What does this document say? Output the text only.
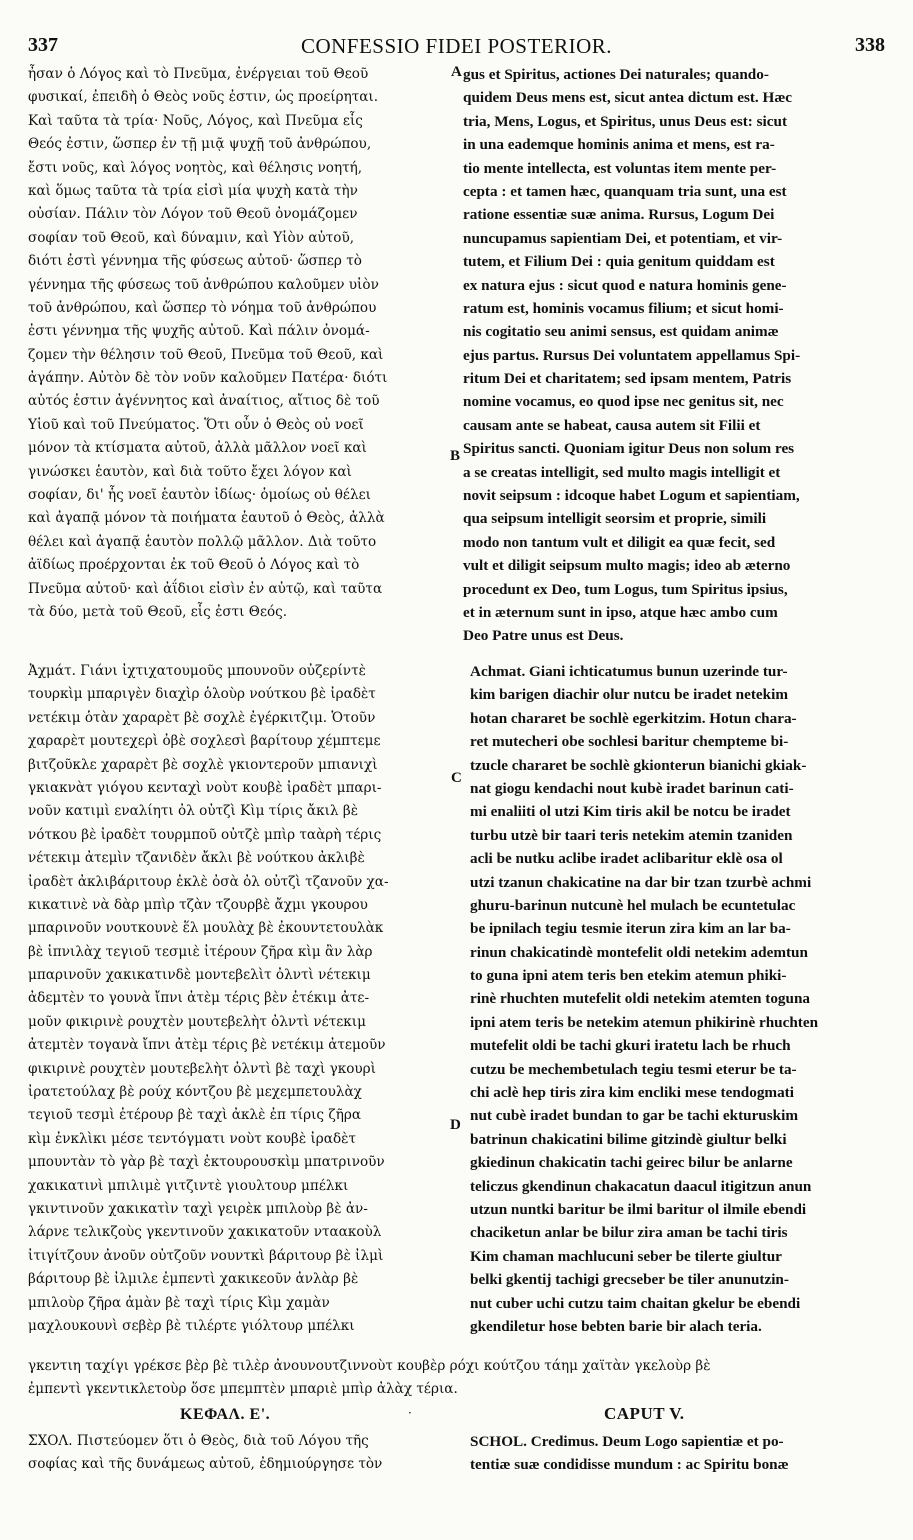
337	CONFESSIO FIDEI POSTERIOR.	338
ἦσαν ὁ Λόγος καὶ τὸ Πνεῦμα, ἐνέργειαι τοῦ Θεοῦ
φυσικαί, ἐπειδὴ ὁ Θεὸς νοῦς ἐστιν, ὡς προείρηται.
Καὶ ταῦτα τὰ τρία· Νοῦς, Λόγος, καὶ Πνεῦμα εἷς
Θεός ἐστιν, ὥσπερ ἐν τῇ μιᾷ ψυχῇ τοῦ ἀνθρώπου,
ἔστι νοῦς, καὶ λόγος νοητὸς, καὶ θέλησις νοητή,
καὶ ὅμως ταῦτα τὰ τρία εἰσὶ μία ψυχὴ κατὰ τὴν
οὐσίαν. Πάλιν τὸν Λόγον τοῦ Θεοῦ ὀνομάζομεν
σοφίαν τοῦ Θεοῦ, καὶ δύναμιν, καὶ Υἱὸν αὐτοῦ,
διότι ἐστὶ γέννημα τῆς φύσεως αὐτοῦ· ὥσπερ τὸ
γέννημα τῆς φύσεως τοῦ ἀνθρώπου καλοῦμεν υἱὸν
τοῦ ἀνθρώπου, καὶ ὥσπερ τὸ νόημα τοῦ ἀνθρώπου
ἐστι γέννημα τῆς ψυχῆς αὐτοῦ. Καὶ πάλιν ὀνομά-
ζομεν τὴν θέλησιν τοῦ Θεοῦ, Πνεῦμα τοῦ Θεοῦ, καὶ
ἀγάπην. Αὐτὸν δὲ τὸν νοῦν καλοῦμεν Πατέρα· διότι
αὐτός ἐστιν ἀγέννητος καὶ ἀναίτιος, αἴτιος δὲ τοῦ
Υἱοῦ καὶ τοῦ Πνεύματος. Ὅτι οὖν ὁ Θεὸς οὐ νοεῖ
μόνον τὰ κτίσματα αὐτοῦ, ἀλλὰ μᾶλλον νοεῖ καὶ
γινώσκει ἑαυτὸν, καὶ διὰ τοῦτο ἔχει λόγον καὶ
σοφίαν, δι' ἧς νοεῖ ἑαυτὸν ἰδίως· ὁμοίως οὐ θέλει
καὶ ἀγαπᾷ μόνον τὰ ποιήματα ἑαυτοῦ ὁ Θεὸς, ἀλλὰ
θέλει καὶ ἀγαπᾷ ἑαυτὸν πολλῷ μᾶλλον. Διὰ τοῦτο
ἀϊδίως προέρχονται ἐκ τοῦ Θεοῦ ὁ Λόγος καὶ τὸ
Πνεῦμα αὐτοῦ· καὶ ἀΐδιοι εἰσὶν ἐν αὐτῷ, καὶ ταῦτα
τὰ δύο, μετὰ τοῦ Θεοῦ, εἷς ἐστι Θεός.
gus et Spiritus, actiones Dei naturales; quando-
quidem Deus mens est, sicut antea dictum est. Hæc
tria, Mens, Logus, et Spiritus, unus Deus est: sicut
in una eademque hominis anima et mens, est ra-
tio mente intellecta, est voluntas item mente per-
cepta : et tamen hæc, quanquam tria sunt, una est
ratione essentiæ suæ anima. Rursus, Logum Dei
nuncupamus sapientiam Dei, et potentiam, et vir-
tutem, et Filium Dei : quia genitum quiddam est
ex natura ejus : sicut quod e natura hominis gene-
ratum est, hominis vocamus filium; et sicut homi-
nis cogitatio seu animi sensus, est quidam animæ
ejus partus. Rursus Dei voluntatem appellamus Spi-
ritum Dei et charitatem; sed ipsam mentem, Patris
nomine vocamus, eo quod ipse nec genitus sit, nec
causam ante se habeat, causa autem sit Filii et
Spiritus sancti. Quoniam igitur Deus non solum res
a se creatas intelligit, sed multo magis intelligit et
novit seipsum : idcoque habet Logum et sapientiam,
qua seipsum intelligit seorsim et proprie, simili
modo non tantum vult et diligit ea quæ fecit, sed
vult et diligit seipsum multo magis; ideo ab æterno
procedunt ex Deo, tum Logus, tum Spiritus ipsius,
et in æternum sunt in ipso, atque hæc ambo cum
Deo Patre unus est Deus.
A
B
C
D
Ἀχμάτ. Γιάνι ἰχτιχατουμοῦς μπουνοῦν οὐζερίντὲ
τουρκὶμ μπαριγὲν διαχὶρ ὁλοὺρ νούτκου βὲ ἰραδὲτ
νετέκιμ ὁτὰν χαραρὲτ βὲ σοχλὲ ἐγέρκιτζιμ. Ὁτοῦν
χαραρὲτ μουτεχερὶ ὀβὲ σοχλεσὶ βαρίτουρ χέμπτεμε
βιτζοῦκλε χαραρὲτ βὲ σοχλὲ γκιοντεροῦν μπιανιχὶ
γκιακνὰτ γιόγου κενταχὶ νοὺτ κουβὲ ἰραδὲτ μπαρι-
νοῦν κατιμὶ εναλίητι ὀλ οὐτζὶ Κὶμ τίρις ἄκιλ βὲ
νότκου βὲ ἰραδὲτ τουρμποῦ οὐτζὲ μπὶρ ταὰρὴ τέρις
νέτεκιμ ἀτεμὶν τζανιδὲν ἄκλι βὲ νούτκου ἀκλιβὲ
ἰραδὲτ ἀκλιβάριτουρ ἐκλὲ ὀσὰ ὀλ οὐτζὶ τζανοῦν χα-
κικατινὲ νὰ δὰρ μπὶρ τζὰν τζουρβὲ ἄχμι γκουρου
μπαρινοῦν νουτκουνὲ ἕλ μουλὰχ βὲ ἐκουντετουλὰκ
βὲ ἰπνιλὰχ τεγιοῦ τεσμιὲ ἰτέρουν ζῆρα κὶμ ἂν λὰρ
μπαρινοῦν χακικατινδὲ μοντεβελὶτ ὀλντὶ νέτεκιμ
ἀδεμτὲν το γουνὰ ἴπνι ἀτὲμ τέρις βὲν ἐτέκιμ ἀτε-
μοῦν φικιρινὲ ρουχτὲν μουτεβελὴτ ὀλντὶ νέτεκιμ
ἀτεμτὲν τογανὰ ἴπνι ἀτὲμ τέρις βὲ νετέκιμ ἀτεμοῦν
φικιρινὲ ρουχτὲν μουτεβελὴτ ὀλντὶ βὲ ταχὶ γκουρὶ
ἰρατετούλαχ βὲ ρούχ κόντζου βὲ μεχεμπετουλὰχ
τεγιοῦ τεσμὶ ἐτέρουρ βὲ ταχὶ ἀκλὲ ἐπ τίρις ζῆρα
κὶμ ἐνκλὶκι μέσε τεντόγματι νοὺτ κουβὲ ἰραδὲτ
μπουντὰν τὸ γὰρ βὲ ταχὶ ἐκτουρουσκὶμ μπατρινοῦν
χακικατινὶ μπιλιμὲ γιτζιντὲ γιουλτουρ μπέλκι
γκιντινοῦν χακικατὶν ταχὶ γειρὲκ μπιλοὺρ βὲ ἀν-
λάρνε τελικζοὺς γκεντινοῦν χακικατοῦν νταακοὺλ
ἰτιγίτζουν ἀνοῦν οὐτζοῦν νουντκὶ βάριτουρ βὲ ἰλμὶ
βάριτουρ βὲ ἰλμιλε ἐμπεντὶ χακικεοῦν ἀνλὰρ βὲ
μπιλοὺρ ζῆρα ἀμὰν βὲ ταχὶ τίρις Κὶμ χαμὰν
μαχλουκουνὶ σεβὲρ βὲ τιλέρτε γιόλτουρ μπέλκι
Achmat. Giani ichticatumus bunun uzerinde tur-
kim barigen diachir olur nutcu be iradet netekim
hotan chararet be sochlè egerkitzim. Hotun chara-
ret mutecheri obe sochlesi baritur chempteme bi-
tzucle chararet be sochlè gkionterun bianichi gkiak-
nat giogu kendachi nout kubè iradet barinun cati-
mi enaliiti ol utzi Kim tiris akil be notcu be iradet
turbu utzè bir taari teris netekim atemin tzaniden
acli be nutku aclibe iradet aclibaritur eklè osa ol
utzi tzanun chakicatine na dar bir tzan tzurbè achmi
ghuru-barinun nutcunè hel mulach be ecuntetulac
be ipnilach tegiu tesmie iterun zira kim an lar ba-
rinun chakicatindè montefelit oldi netekim ademtun
to guna ipni atem teris ben etekim atemun phiki-
rinè rhuchten mutefelit oldi netekim atemten toguna
ipni atem teris be netekim atemun phikirinè rhuchten
mutefelit oldi be tachi gkuri iratetu lach be rhuch
cutzu be mechembetulach tegiu tesmi eterur be ta-
chi aclè hep tiris zira kim encliki mese tendogmati
nut cubè iradet bundan to gar be tachi ekturuskim
batrinun chakicatini bilime gitzindè giultur belki
gkiedinun chakicatin tachi geirec bilur be anlarne
teliczus gkendinun chakacatun daacul itigitzun anun
utzun nuntki baritur be ilmi baritur ol ilmile ebendi
chaciketun anlar be bilur zira aman be tachi tiris
Kim chaman machlucuni seber be tilerte giultur
belki gkentij tachigi grecseber be tiler anunutzin-
nut cuber uchi cutzu taim chaitan gkelur be ebendi
gkendiletur hose bebten barie bir alach teria.
γκεντιη ταχίγι γρέκσε βὲρ βὲ τιλὲρ ἀνουνουτζιννοὺτ κουβὲρ ρόχι κούτζου τάημ χαϊτὰν γκελοὺρ βὲ
ἐμπεντὶ γκεντικλετοὺρ ὅσε μπεμπτὲν μπαριὲ μπὶρ ἀλὰχ τέρια.
ΚΕΦΑΛ. Ε'.	·	CAPUT V.
ΣΧΟΛ. Πιστεύομεν ὅτι ὁ Θεὸς, διὰ τοῦ Λόγου τῆς
σοφίας καὶ τῆς δυνάμεως αὐτοῦ, ἐδημιούργησε τὸν
SCHOL. Credimus. Deum Logo sapientiæ et po-
tentiæ suæ condidisse mundum : ac Spiritu bonæ
